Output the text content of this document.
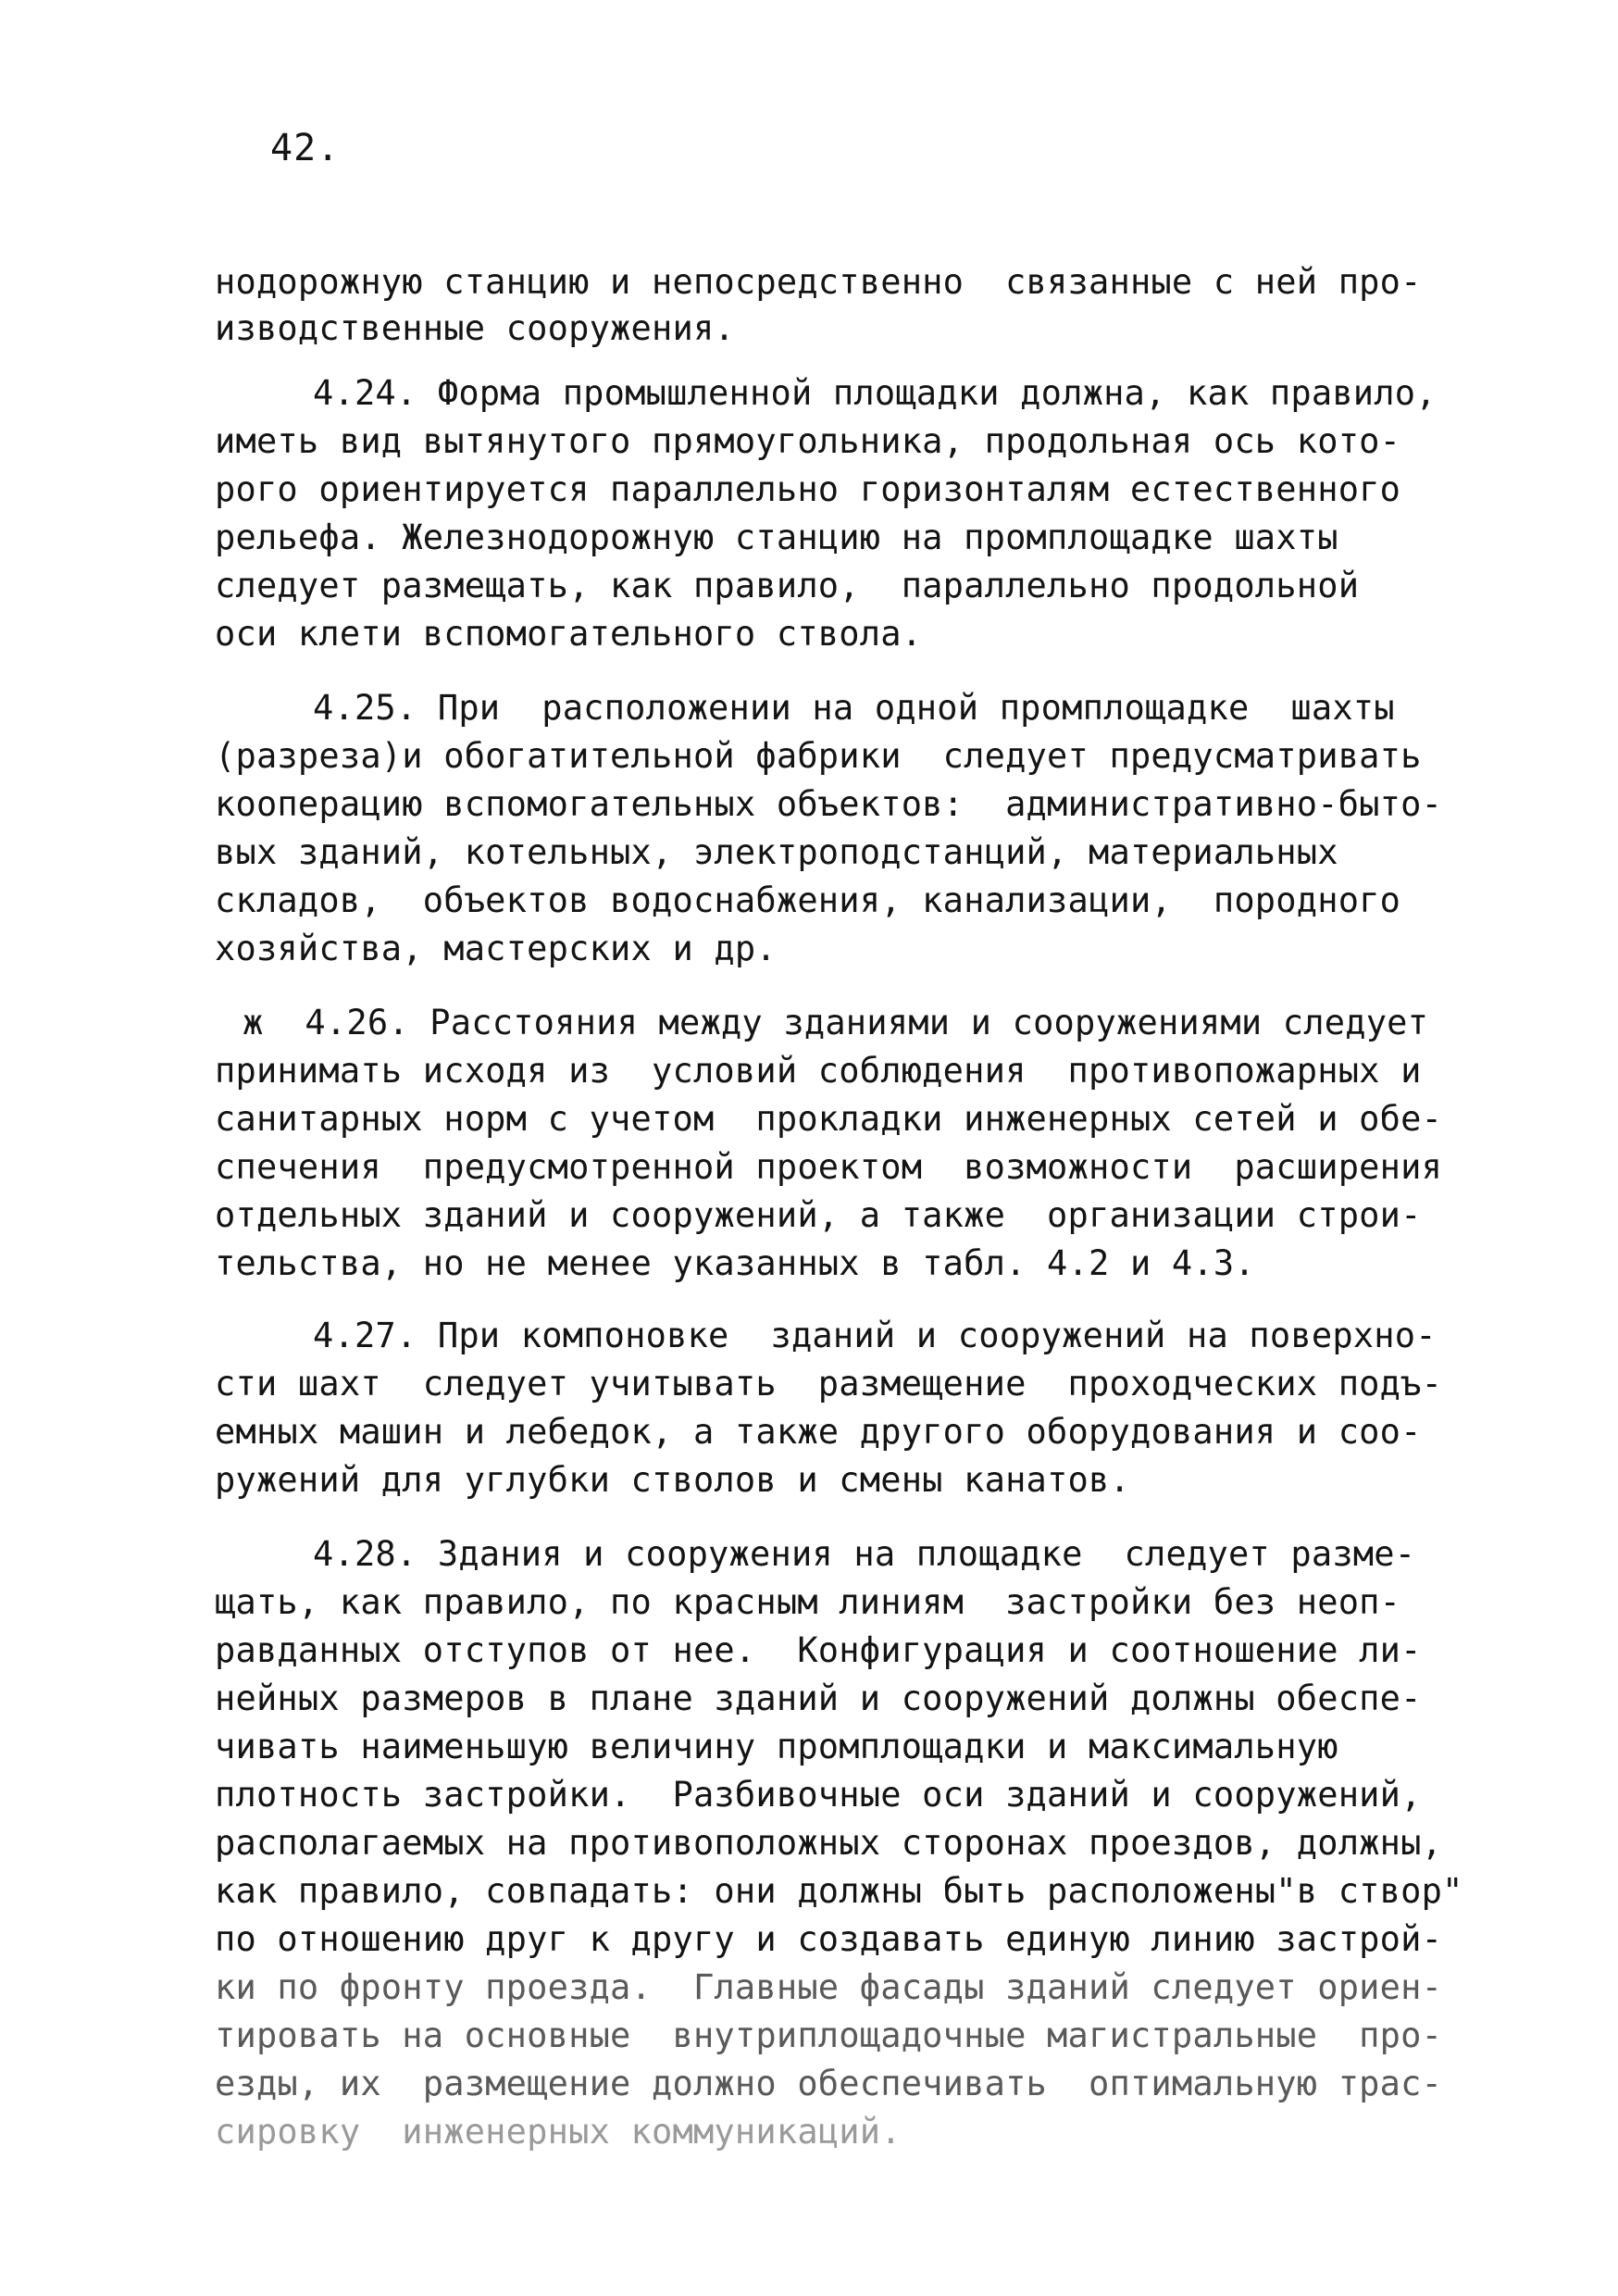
42.
нодорожную станцию и непосредственно  связанные с ней про-
изводственные сооружения.
4.24. Форма промышленной площадки должна, как правило,
иметь вид вытянутого прямоугольника, продольная ось кото-
рого ориентируется параллельно горизонталям естественного
рельефа. Железнодорожную станцию на промплощадке шахты
следует размещать, как правило,  параллельно продольной
оси клети вспомогательного ствола.
4.25. При  расположении на одной промплощадке  шахты
(разреза)и обогатительной фабрики  следует предусматривать
кооперацию вспомогательных объектов:  административно-быто-
вых зданий, котельных, электроподстанций, материальных
складов,  объектов водоснабжения, канализации,  породного
хозяйства, мастерских и др.
ж  4.26. Расстояния между зданиями и сооружениями следует
принимать исходя из  условий соблюдения  противопожарных и
санитарных норм с учетом  прокладки инженерных сетей и обе-
спечения  предусмотренной проектом  возможности  расширения
отдельных зданий и сооружений, а также  организации строи-
тельства, но не менее указанных в табл. 4.2 и 4.3.
4.27. При компоновке  зданий и сооружений на поверхно-
сти шахт  следует учитывать  размещение  проходческих подъ-
емных машин и лебедок, а также другого оборудования и соо-
ружений для углубки стволов и смены канатов.
4.28. Здания и сооружения на площадке  следует разме-
щать, как правило, по красным линиям  застройки без неоп-
равданных отступов от нее.  Конфигурация и соотношение ли-
нейных размеров в плане зданий и сооружений должны обеспе-
чивать наименьшую величину промплощадки и максимальную
плотность застройки.  Разбивочные оси зданий и сооружений,
располагаемых на противоположных сторонах проездов, должны,
как правило, совпадать: они должны быть расположены"в створ"
по отношению друг к другу и создавать единую линию застрой-
ки по фронту проезда.  Главные фасады зданий следует ориен-
тировать на основные  внутриплощадочные магистральные  про-
езды, их  размещение должно обеспечивать  оптимальную трас-
сировку  инженерных коммуникаций.
